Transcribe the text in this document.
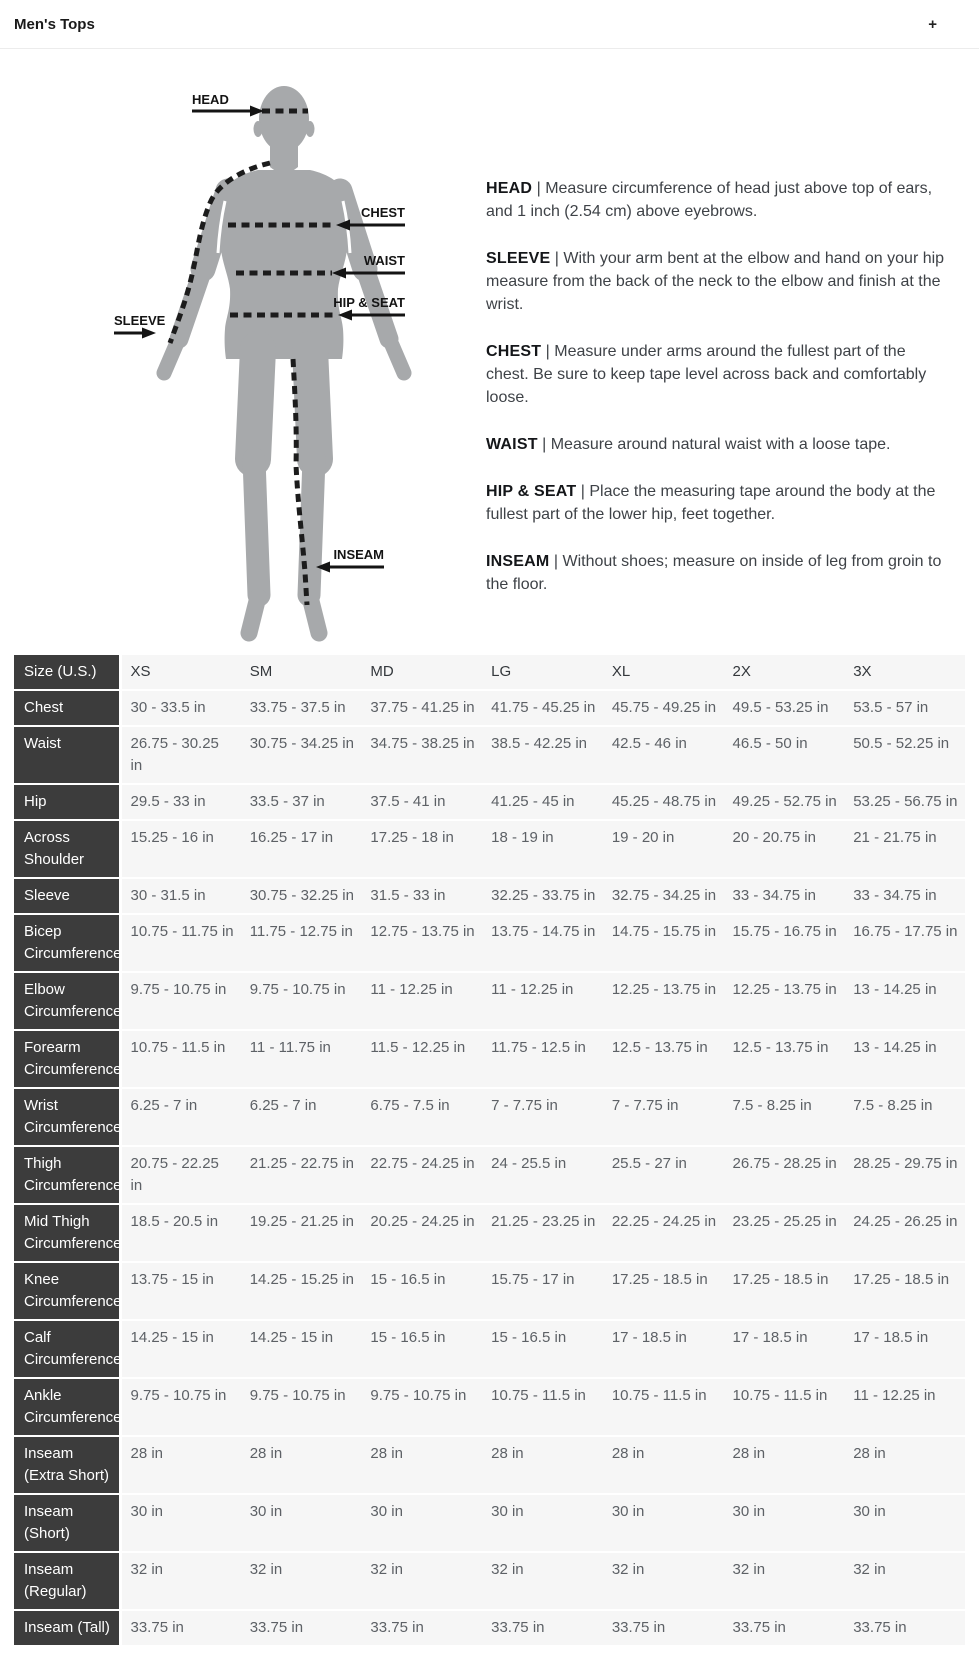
Men's Tops	+
HEAD
CHEST
WAIST
HIP & SEAT
SLEEVE
INSEAM

HEAD | Measure circumference of head just above top of ears, and 1 inch (2.54 cm) above eyebrows.

SLEEVE | With your arm bent at the elbow and hand on your hip measure from the back of the neck to the elbow and finish at the wrist.

CHEST | Measure under arms around the fullest part of the chest. Be sure to keep tape level across back and comfortably loose.

WAIST | Measure around natural waist with a loose tape.

HIP & SEAT | Place the measuring tape around the body at the fullest part of the lower hip, feet together.

INSEAM | Without shoes; measure on inside of leg from groin to the floor.

Size (U.S.)	XS	SM	MD	LG	XL	2X	3X
Chest	30 - 33.5 in	33.75 - 37.5 in	37.75 - 41.25 in	41.75 - 45.25 in	45.75 - 49.25 in	49.5 - 53.25 in	53.5 - 57 in
Waist	26.75 - 30.25 in	30.75 - 34.25 in	34.75 - 38.25 in	38.5 - 42.25 in	42.5 - 46 in	46.5 - 50 in	50.5 - 52.25 in
Hip	29.5 - 33 in	33.5 - 37 in	37.5 - 41 in	41.25 - 45 in	45.25 - 48.75 in	49.25 - 52.75 in	53.25 - 56.75 in
Across Shoulder	15.25 - 16 in	16.25 - 17 in	17.25 - 18 in	18 - 19 in	19 - 20 in	20 - 20.75 in	21 - 21.75 in
Sleeve	30 - 31.5 in	30.75 - 32.25 in	31.5 - 33 in	32.25 - 33.75 in	32.75 - 34.25 in	33 - 34.75 in	33 - 34.75 in
Bicep Circumference	10.75 - 11.75 in	11.75 - 12.75 in	12.75 - 13.75 in	13.75 - 14.75 in	14.75 - 15.75 in	15.75 - 16.75 in	16.75 - 17.75 in
Elbow Circumference	9.75 - 10.75 in	9.75 - 10.75 in	11 - 12.25 in	11 - 12.25 in	12.25 - 13.75 in	12.25 - 13.75 in	13 - 14.25 in
Forearm Circumference	10.75 - 11.5 in	11 - 11.75 in	11.5 - 12.25 in	11.75 - 12.5 in	12.5 - 13.75 in	12.5 - 13.75 in	13 - 14.25 in
Wrist Circumference	6.25 - 7 in	6.25 - 7 in	6.75 - 7.5 in	7 - 7.75 in	7 - 7.75 in	7.5 - 8.25 in	7.5 - 8.25 in
Thigh Circumference	20.75 - 22.25 in	21.25 - 22.75 in	22.75 - 24.25 in	24 - 25.5 in	25.5 - 27 in	26.75 - 28.25 in	28.25 - 29.75 in
Mid Thigh Circumference	18.5 - 20.5 in	19.25 - 21.25 in	20.25 - 24.25 in	21.25 - 23.25 in	22.25 - 24.25 in	23.25 - 25.25 in	24.25 - 26.25 in
Knee Circumference	13.75 - 15 in	14.25 - 15.25 in	15 - 16.5 in	15.75 - 17 in	17.25 - 18.5 in	17.25 - 18.5 in	17.25 - 18.5 in
Calf Circumference	14.25 - 15 in	14.25 - 15 in	15 - 16.5 in	15 - 16.5 in	17 - 18.5 in	17 - 18.5 in	17 - 18.5 in
Ankle Circumference	9.75 - 10.75 in	9.75 - 10.75 in	9.75 - 10.75 in	10.75 - 11.5 in	10.75 - 11.5 in	10.75 - 11.5 in	11 - 12.25 in
Inseam (Extra Short)	28 in	28 in	28 in	28 in	28 in	28 in	28 in
Inseam (Short)	30 in	30 in	30 in	30 in	30 in	30 in	30 in
Inseam (Regular)	32 in	32 in	32 in	32 in	32 in	32 in	32 in
Inseam (Tall)	33.75 in	33.75 in	33.75 in	33.75 in	33.75 in	33.75 in	33.75 in
